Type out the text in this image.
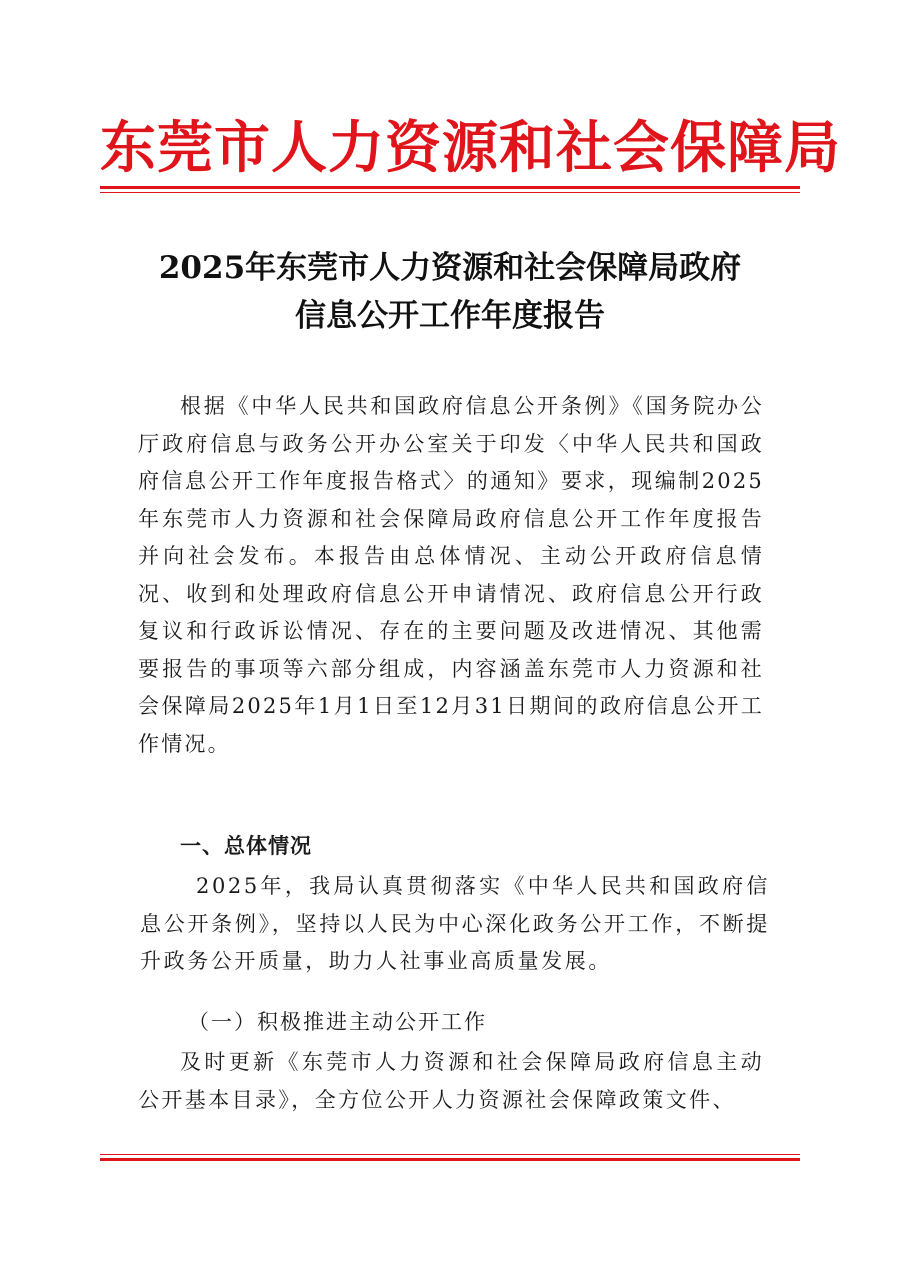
东莞市人力资源和社会保障局
2025年东莞市人力资源和社会保障局政府
信息公开工作年度报告
根据《中华人民共和国政府信息公开条例》《国务院办公厅政府信息与政务公开办公室关于印发〈中华人民共和国政府信息公开工作年度报告格式〉的通知》要求，现编制2025年东莞市人力资源和社会保障局政府信息公开工作年度报告并向社会发布。本报告由总体情况、主动公开政府信息情况、收到和处理政府信息公开申请情况、政府信息公开行政复议和行政诉讼情况、存在的主要问题及改进情况、其他需要报告的事项等六部分组成，内容涵盖东莞市人力资源和社会保障局2025年1月1日至12月31日期间的政府信息公开工作情况。
一、总体情况
2025年，我局认真贯彻落实《中华人民共和国政府信息公开条例》，坚持以人民为中心深化政务公开工作，不断提升政务公开质量，助力人社事业高质量发展。
（一）积极推进主动公开工作
及时更新《东莞市人力资源和社会保障局政府信息主动公开基本目录》，全方位公开人力资源社会保障政策文件、
